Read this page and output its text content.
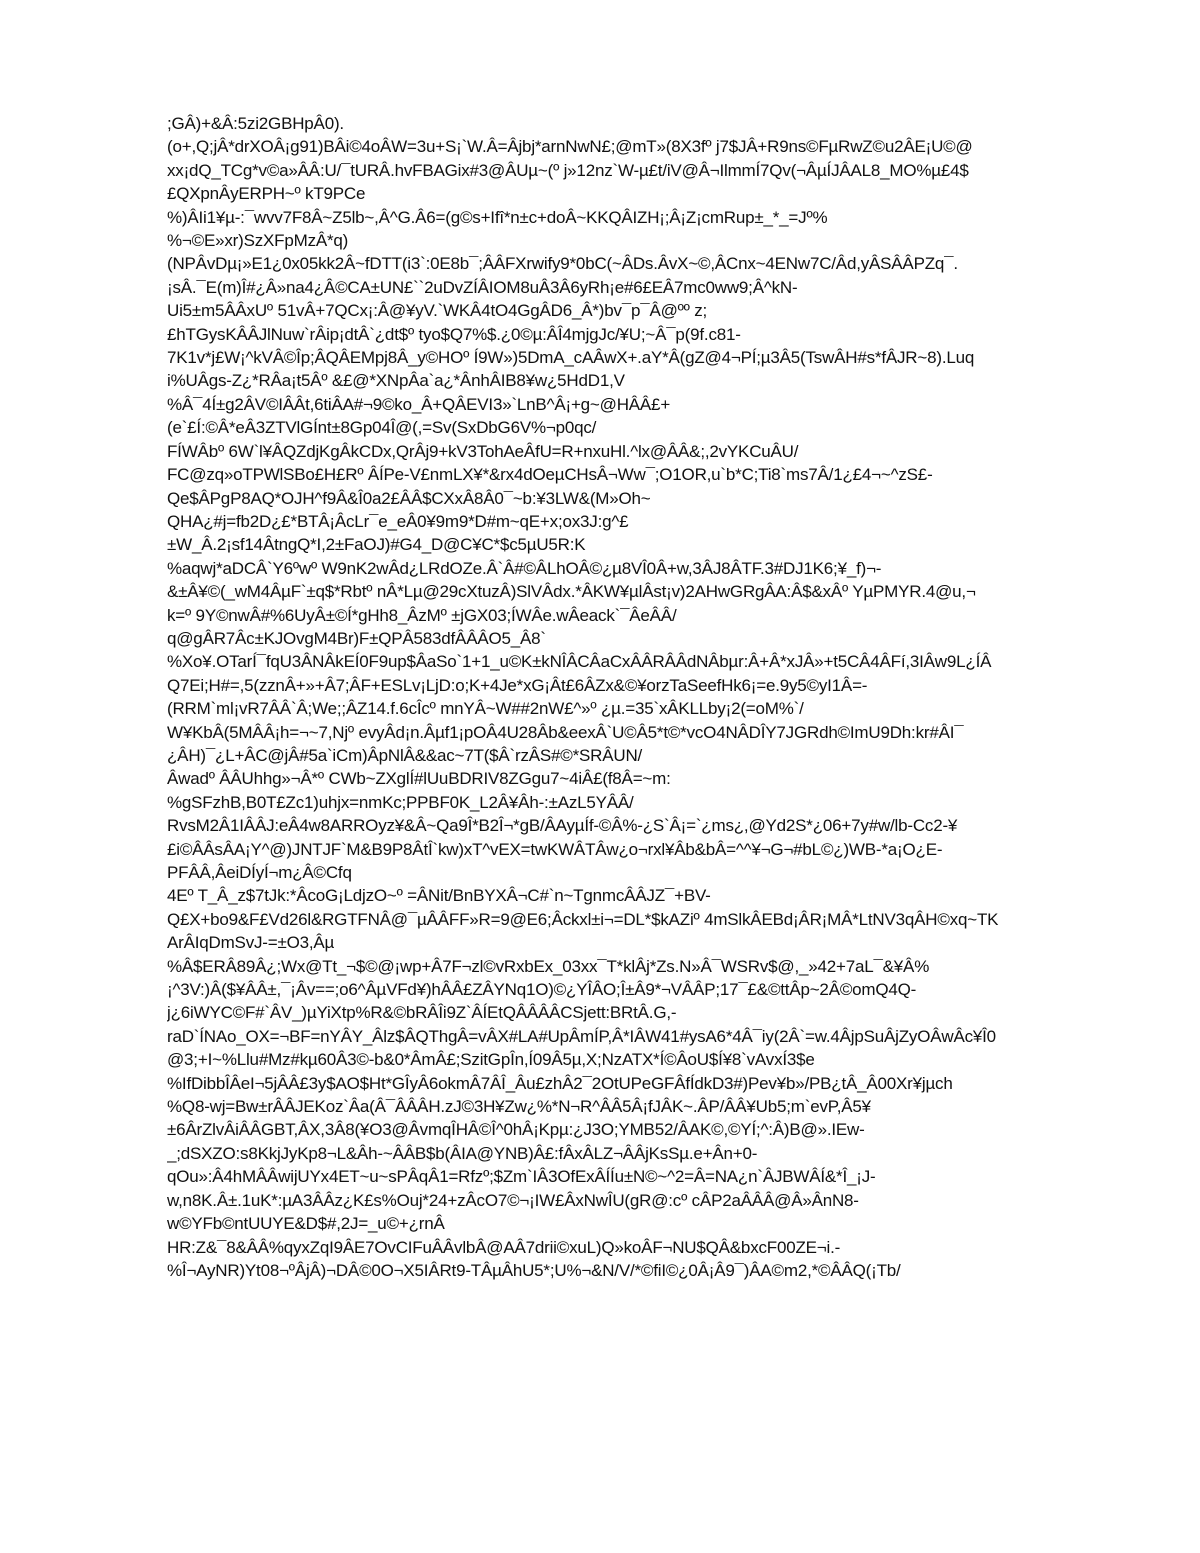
;GÂ)+&Â:5zi2GBHpÂ0).
(o+,Q;jÂ*drXOÂ¡g91)BÂi©4oÂW=3u+S¡`W.Â=Âjbj*arnNwN£;@mT»(8X3fº j7$JÂ+R9ns©FµRwZ©u2ÂE¡U©@
xx¡dQ_TCg*v©a»ÂÂ:U/¯tURÂ.hvFBAGix#3@ÂUµ~(º j»12nz`W-µ£t/iV@Â¬IlmmÍ7Qv(¬ÂµÍJÂAL8_MO%µ£4$
£QXpnÂyERPH~º kT9PCe
%)ÂIi1¥µ-:¯wvv7F8Â~Z5lb~,Â^G.Â6=(g©s+Ifî*n±c+doÂ~KKQÂIZH¡;Â¡Z¡cmRup±_*_=Jº%
%¬©E»xr)SzXFpMzÂ*q)
(NPÂvDµ¡»E1¿0x05kk2Â~fDTT(i3`:0E8b¯;ÂÂFXrwify9*0bC(~ÂDs.ÂvX~©,ÂCnx~4ENw7C/Âd,yÂSÂÂPZq¯.
¡sÂ.¯E(m)Î#¿Â»na4¿Â©CA±UN£``2uDvZÍÂIOM8uÂ3Â6yRh¡e#6£EÂ7mc0ww9;Â^kN-
Ui5±m5ÂÂxUº 51vÂ+7QCx¡:Â@¥yV.`WKÂ4tO4GgÂD6_Â*)bv¯p¯Â@ºº z;
£hTGysKÂÂJlNuw`rÂip¡dtÂ`¿dt$º tyo$Q7%$.¿0©µ:ÂÎ4mjgJc/¥U;~Â¯p(9f.c81-
7K1v*j£W¡^kVÂ©Îp;ÂQÂEMpj8Â_y©HOº Í9W»)5DmA_cAÂwX+.aY*Â(gZ@4¬PÍ;µ3Â5(TswÂH#s*fÂJR~8).Luq
i%UÂgs-Z¿*RÂa¡t5Âº &£@*XNpÂa`a¿*ÂnhÂIB8¥w¿5HdD1,V
%Â¯4Í±g2ÂV©IÂÂt,6tiÂA#¬9©ko_Â+QÂEVI3»`LnB^Â¡+g~@HÂÂ£+
(e`£Í:©Â*eÂ3ZTVlGÍnt±8Gp04Î@(,=Sv(SxDbG6V%¬p0qc/
FÍWÂbº 6W`l¥ÂQZdjKgÂkCDx,QrÂj9+kV3TohAeÂfU=R+nxuHl.^lx@ÂÂ&;,2vYKCuÂU/
FC@zq»oTPWlSBo£H£Rº ÂÍPe-V£nmLX¥*&rx4dOeµCHsÂ¬Ww¯;O1OR,u`b*C;Ti8`ms7Â/1¿£4¬~^zS£-
Qe$ÂPgP8AQ*OJH^f9Â&Î0a2£ÂÂ$CXxÂ8Â0¯~b:¥3LW&(M»Oh~
QHA¿#j=fb2D¿£*BTÂ¡ÂcLr¯e_eÂ0¥9m9*D#m~qE+x;ox3J:g^£
±W_Â.2¡sf14ÂtngQ*I,2±FaOJ)#G4_D@C¥C*$c5µU5R:K
%aqwj*aDCÂ`Y6ºwº W9nK2wÂd¿LRdOZe.Â`Â#©ÂLhOÂ©¿µ8VÎ0Â+w,3ÂJ8ÂTF.3#DJ1K6;¥_f)¬-
&±Â¥©(_wM4ÂµF`±q$*Rbtº nÂ*Lµ@29cXtuzÂ)SlVÂdx.*ÂKW¥µlÂst¡v)2AHwGRgÂA:Â$&xÂº YµPMYR.4@u,¬
k=º 9Y©nwÂ#%6UyÂ±©Í*gHh8_ÂzMº ±jGX03;ÍWÂe.wÂeack`¯ÂeÂÂ/
q@gÂR7Âc±KJOvgM4Br)F±QPÂ583dfÂÂÂO5_Â8`
%Xo¥.OTarÍ¯fqU3ÂNÂkEÍ0F9up$ÂaSo`1+1_u©K±kNÎÂCÂaCxÂÂRÂÂdNÂbµr:Â+Â*xJÂ»+t5CÂ4ÂFí,3IÂw9L¿ÍÂ
Q7Ei;H#=,5(zznÂ+»+Â7;ÂF+ESLv¡LjD:o;K+4Je*xG¡Ât£6ÂZx&©¥orzTaSeefHk6¡=e.9y5©yI1Â=-
(RRM`ml¡vR7ÂÂ`Â;We;;ÂZ14.f.6cÎcº mnYÂ~W##2nW£^»º ¿µ.=35`xÂKLLby¡2(=oM%`/
W¥KbÂ(5MÂÂ¡h=¬~7,Njº evyÂd¡n.Âµf1¡pOÂ4U28Âb&eexÂ`U©Â5*t©*vcO4NÂDÎY7JGRdh©ImU9Dh:kr#ÂI¯
¿ÂH)¯¿L+ÂC@jÂ#5a`iCm)ÂpNlÂ&&ac~7T($Â`rzÂS#©*SRÂUN/
Âwadº ÂÂUhhg»¬Â*º CWb~ZXglÍ#lUuBDRIV8ZGgu7~4iÂ£(f8Â=~m:
%gSFzhB,B0T£Zc1)uhjx=nmKc;PPBF0K_L2Â¥Âh-:±AzL5YÂÂ/
RvsM2Â1IÂÂJ:eÂ4w8ARROyz¥&Â~Qa9Î*B2Î¬*gB/ÂAyµÍf-©Â%-¿S`Â¡=`¿ms¿,@Yd2S*¿06+7y#w/lb-Cc2-¥
£i©ÂÂsÂA¡Y^@)JNTJF`M&B9P8ÂtÎ`kw)xT^vEX=twKWÂTÂw¿o¬rxl¥Âb&bÂ=^^¥¬G¬#bL©¿)WB-*a¡O¿E-
PFÂÂ,ÂeiDÍyÍ¬m¿Â©Cfq
4Eº T_Â_z$7tJk:*ÂcoG¡LdjzO~º =ÂNit/BnBYXÂ¬C#`n~TgnmcÂÂJZ¯+BV-
Q£X+bo9&F£Vd26l&RGTFNÂ@¯µÂÂFF»R=9@E6;Âckxl±i¬=DL*$kAZiº 4mSlkÂEBd¡ÂR¡MÂ*LtNV3qÂH©xq~TK
ArÂIqDmSvJ-=±O3,Âµ
%Â$ERÂ89Â¿;Wx@Tt_¬$©@¡wp+Â7F¬zl©vRxbEx_03xx¯T*klÂj*Zs.N»Â¯WSRv$@,_»42+7aL¯&¥Â%
¡^3V:)Â($¥ÂÂ±,¯¡Âv==;o6^ÂµVFd¥)hÂÂ£ZÂYNq1O)©¿YÎÂO;Î±Â9*¬VÂÂP;17¯£&©ttÂp~2Â©omQ4Q-
j¿6iWYC©F#`ÂV_)µYiXtp%R&©bRÂÎi9Z`ÂÍEtQÂÂÂÂCSjett:BRtÂ.G,-
raD`ÍNAo_OX=¬BF=nYÂY_Âlz$ÂQThgÂ=vÂX#LA#UpÂmÍP,Â*IÂW41#ysA6*4Â¯iy(2Â`=w.4ÂjpSuÂjZyOÂwÂc¥Î0
@3;+I~%Llu#Mz#kµ60Â3©-b&0*ÂmÂ£;SzitGpÎn,Í09Â5µ,X;NzATX*Í©ÂoU$Í¥8`vAvxÍ3$e
%IfDibbÎÂeI¬5jÂÂ£3y$AO$Ht*GÎyÂ6okmÂ7ÂÎ_Âu£zhÂ2¯2OtUPeGFÂfÍdkD3#)Pev¥b»/PB¿tÂ_Â00Xr¥jµch
%Q8-wj=Bw±rÂÂJEKoz`Âa(Â¯ÂÂÂH.zJ©3H¥Zw¿%*N¬R^ÂÂ5Â¡fJÂK~.ÂP/ÂÂ¥Ub5;m`evP,Â5¥
±6ÂrZlvÂiÂÂGBT,ÂX,3Â8(¥O3@ÂvmqÎHÂ©Î^0hÂ¡Kpµ:¿J3O;YMB52/ÂAK©,©YÍ;^:Â)B@».IEw-
_;dSXZO:s8KkjJyKp8¬L&Âh-~ÂÂB$b(ÂIA@YNB)Â£:fÂxÂLZ¬ÂÂjKsSµ.e+Ân+0-
qOu»:Â4hMÂÂwijUYx4ET~u~sPÂqÂ1=Rfzº;$Zm`IÂ3OfExÂÍÍu±N©~^2=Â=NA¿n`ÂJBWÂÍ&*Î_¡J-
w,n8K.Â±.1uK*:µA3ÂÂz¿K£s%Ouj*24+zÂcO7©¬¡IW£ÂxNwÎU(gR@:cº cÂP2aÂÂÂ@Â»ÂnN8-
w©YFb©ntUUYE&D$#,2J=_u©+¿rnÂ
HR:Z&¯8&ÂÂ%qyxZqI9ÂE7OvCIFuÂÂvlbÂ@AÂ7drii©xuL)Q»koÂF¬NU$QÂ&bxcF00ZE¬i.-
%Î¬AyNR)Yt08¬ºÂjÂ)¬DÂ©0O¬X5IÂRt9-TÂµÂhU5*;U%¬&N/V/*©fiI©¿0Â¡Â9¯)ÂA©m2,*©ÂÂQ(¡Tb/
